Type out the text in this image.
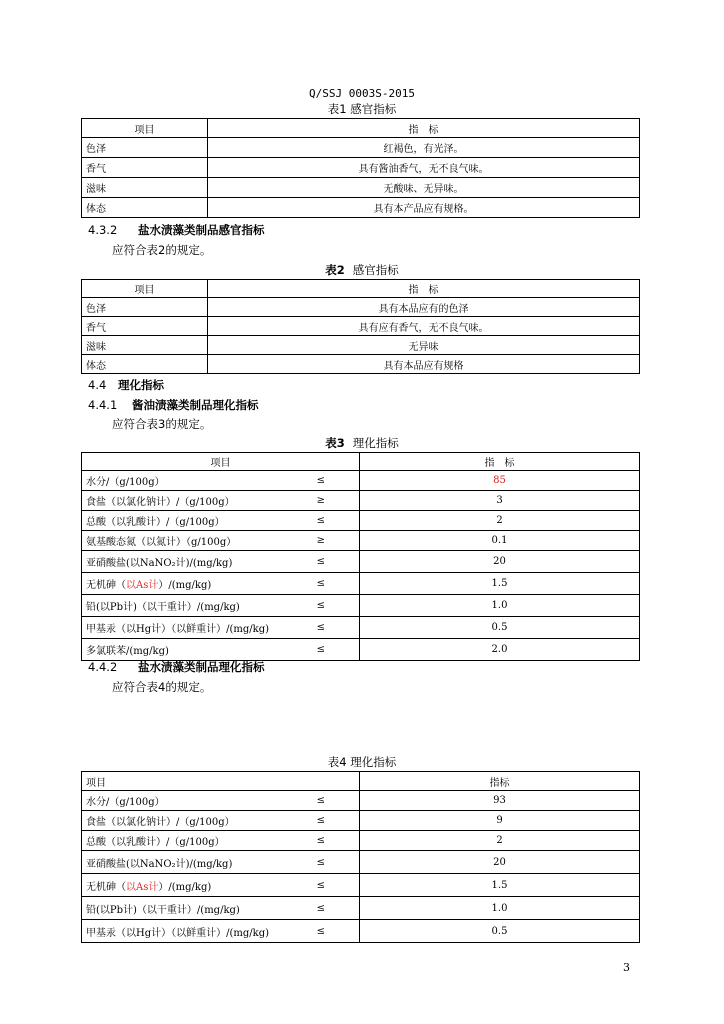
Q/SSJ 0003S-2015
表1 感官指标
项目	指　标
色泽	红褐色，有光泽。
香气	具有酱油香气，无不良气味。
滋味	无酸味、无异味。
体态	具有本产品应有规格。
4.3.2 盐水渍藻类制品感官指标
应符合表2的规定。
表2 感官指标
项目	指　标
色泽	具有本品应有的色泽
香气	具有应有香气，无不良气味。
滋味	无异味
体态	具有本品应有规格
4.4 理化指标
4.4.1 酱油渍藻类制品理化指标
应符合表3的规定。
表3 理化指标
项目	指　标

水分/（g/100g） ≤	85

食盐（以氯化钠计）/（g/100g） ≥	3

总酸（以乳酸计）/（g/100g） ≤	2

氨基酸态氮（以氮计）（g/100g） ≥	0.1

亚硝酸盐(以NaNO₂计)/(mg/kg) ≤	20

无机砷（以As计）/(mg/kg) ≤	1.5

铅(以Pb计)（以干重计）/(mg/kg) ≤	1.0

甲基汞（以Hg计）（以鲜重计）/(mg/kg) ≤	0.5

多氯联苯/(mg/kg) ≤	2.0
4.4.2 盐水渍藻类制品理化指标
应符合表4的规定。
表4 理化指标
项目	指标

水分/（g/100g） ≤	93

食盐（以氯化钠计）/（g/100g） ≤	9

总酸（以乳酸计）/（g/100g） ≤	2

亚硝酸盐(以NaNO₂计)/(mg/kg) ≤	20

无机砷（以As计）/(mg/kg) ≤	1.5

铅(以Pb计)（以干重计）/(mg/kg) ≤	1.0

甲基汞（以Hg计）（以鲜重计）/(mg/kg) ≤	0.5
3
